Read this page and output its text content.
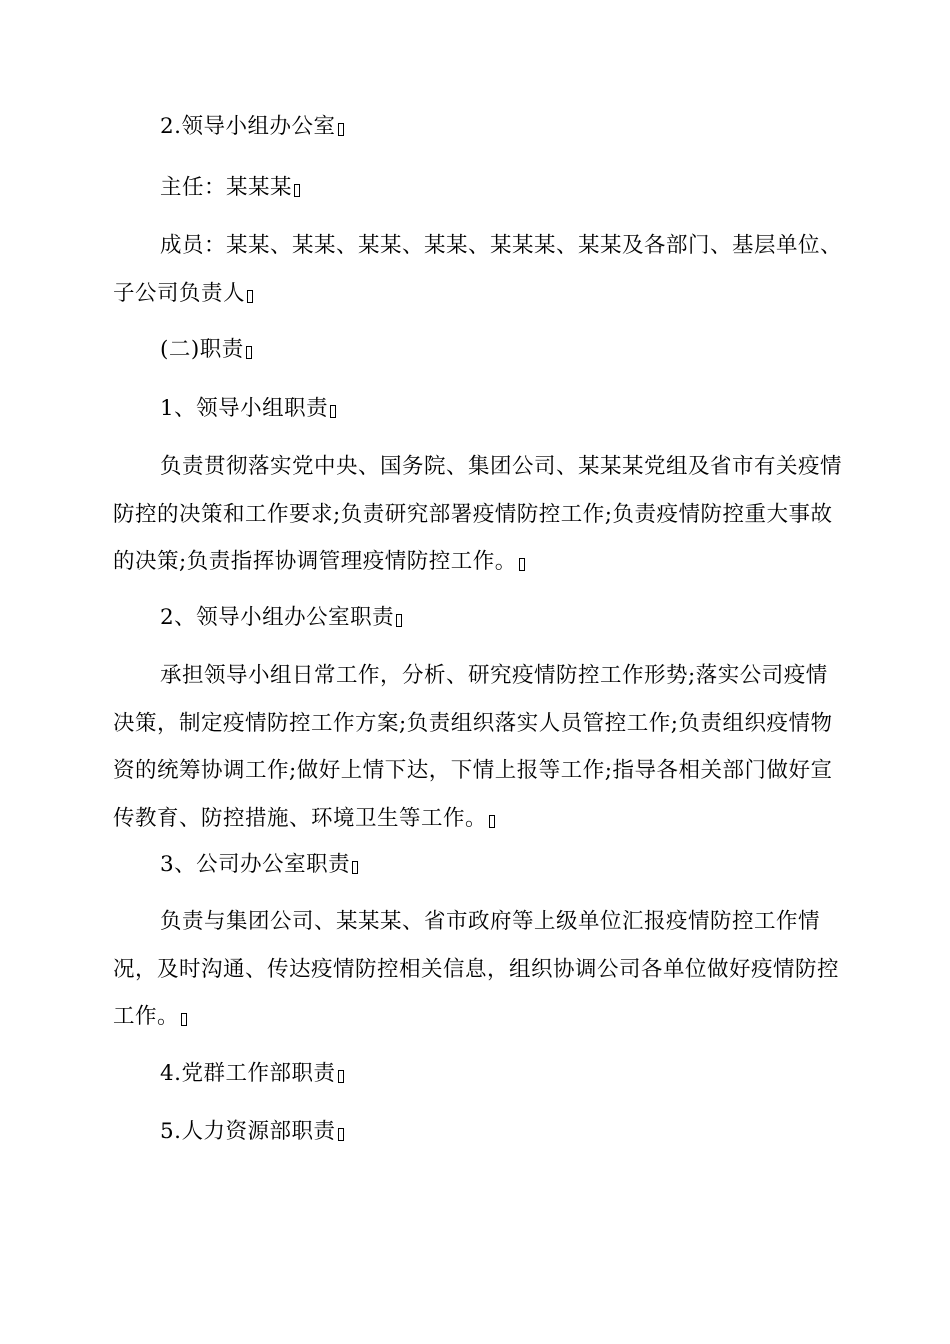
2.领导小组办公室

主任：某某某

成员：某某、某某、某某、某某、某某某、某某及各部门、基层单位、子公司负责人

(二)职责

1、领导小组职责

负责贯彻落实党中央、国务院、集团公司、某某某党组及省市有关疫情防控的决策和工作要求;负责研究部署疫情防控工作;负责疫情防控重大事故的决策;负责指挥协调管理疫情防控工作。

2、领导小组办公室职责

承担领导小组日常工作，分析、研究疫情防控工作形势;落实公司疫情决策，制定疫情防控工作方案;负责组织落实人员管控工作;负责组织疫情物资的统筹协调工作;做好上情下达，下情上报等工作;指导各相关部门做好宣传教育、防控措施、环境卫生等工作。

3、公司办公室职责

负责与集团公司、某某某、省市政府等上级单位汇报疫情防控工作情况，及时沟通、传达疫情防控相关信息，组织协调公司各单位做好疫情防控工作。

4.党群工作部职责

5.人力资源部职责
